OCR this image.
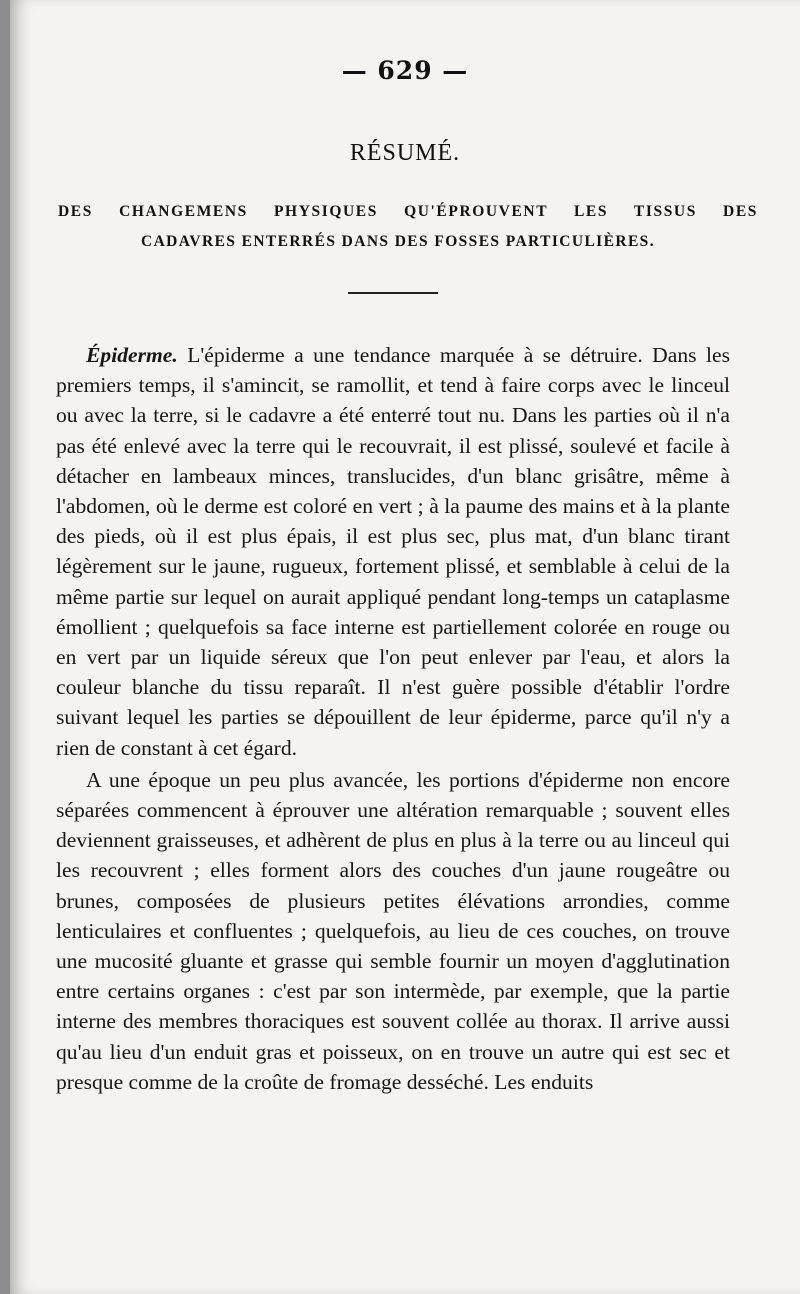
— 629 —
RÉSUMÉ.
DES CHANGEMENS PHYSIQUES QU'ÉPROUVENT LES TISSUS DES
CADAVRES ENTERRÉS DANS DES FOSSES PARTICULIÈRES.

Épiderme. L'épiderme a une tendance marquée à se détruire. Dans les premiers temps, il s'amincit, se ramollit, et tend à faire corps avec le linceul ou avec la terre, si le cadavre a été enterré tout nu. Dans les parties où il n'a pas été enlevé avec la terre qui le recouvrait, il est plissé, soulevé et facile à détacher en lambeaux minces, translucides, d'un blanc grisâtre, même à l'abdomen, où le derme est coloré en vert ; à la paume des mains et à la plante des pieds, où il est plus épais, il est plus sec, plus mat, d'un blanc tirant légèrement sur le jaune, rugueux, fortement plissé, et semblable à celui de la même partie sur lequel on aurait appliqué pendant long-temps un cataplasme émollient ; quelquefois sa face interne est partiellement colorée en rouge ou en vert par un liquide séreux que l'on peut enlever par l'eau, et alors la couleur blanche du tissu reparaît. Il n'est guère possible d'établir l'ordre suivant lequel les parties se dépouillent de leur épiderme, parce qu'il n'y a rien de constant à cet égard.

A une époque un peu plus avancée, les portions d'épiderme non encore séparées commencent à éprouver une altération remarquable ; souvent elles deviennent graisseuses, et adhèrent de plus en plus à la terre ou au linceul qui les recouvrent ; elles forment alors des couches d'un jaune rougeâtre ou brunes, composées de plusieurs petites élévations arrondies, comme lenticulaires et confluentes ; quelquefois, au lieu de ces couches, on trouve une mucosité gluante et grasse qui semble fournir un moyen d'agglutination entre certains organes : c'est par son intermède, par exemple, que la partie interne des membres thoraciques est souvent collée au thorax. Il arrive aussi qu'au lieu d'un enduit gras et poisseux, on en trouve un autre qui est sec et presque comme de la croûte de fromage desséché. Les enduits
